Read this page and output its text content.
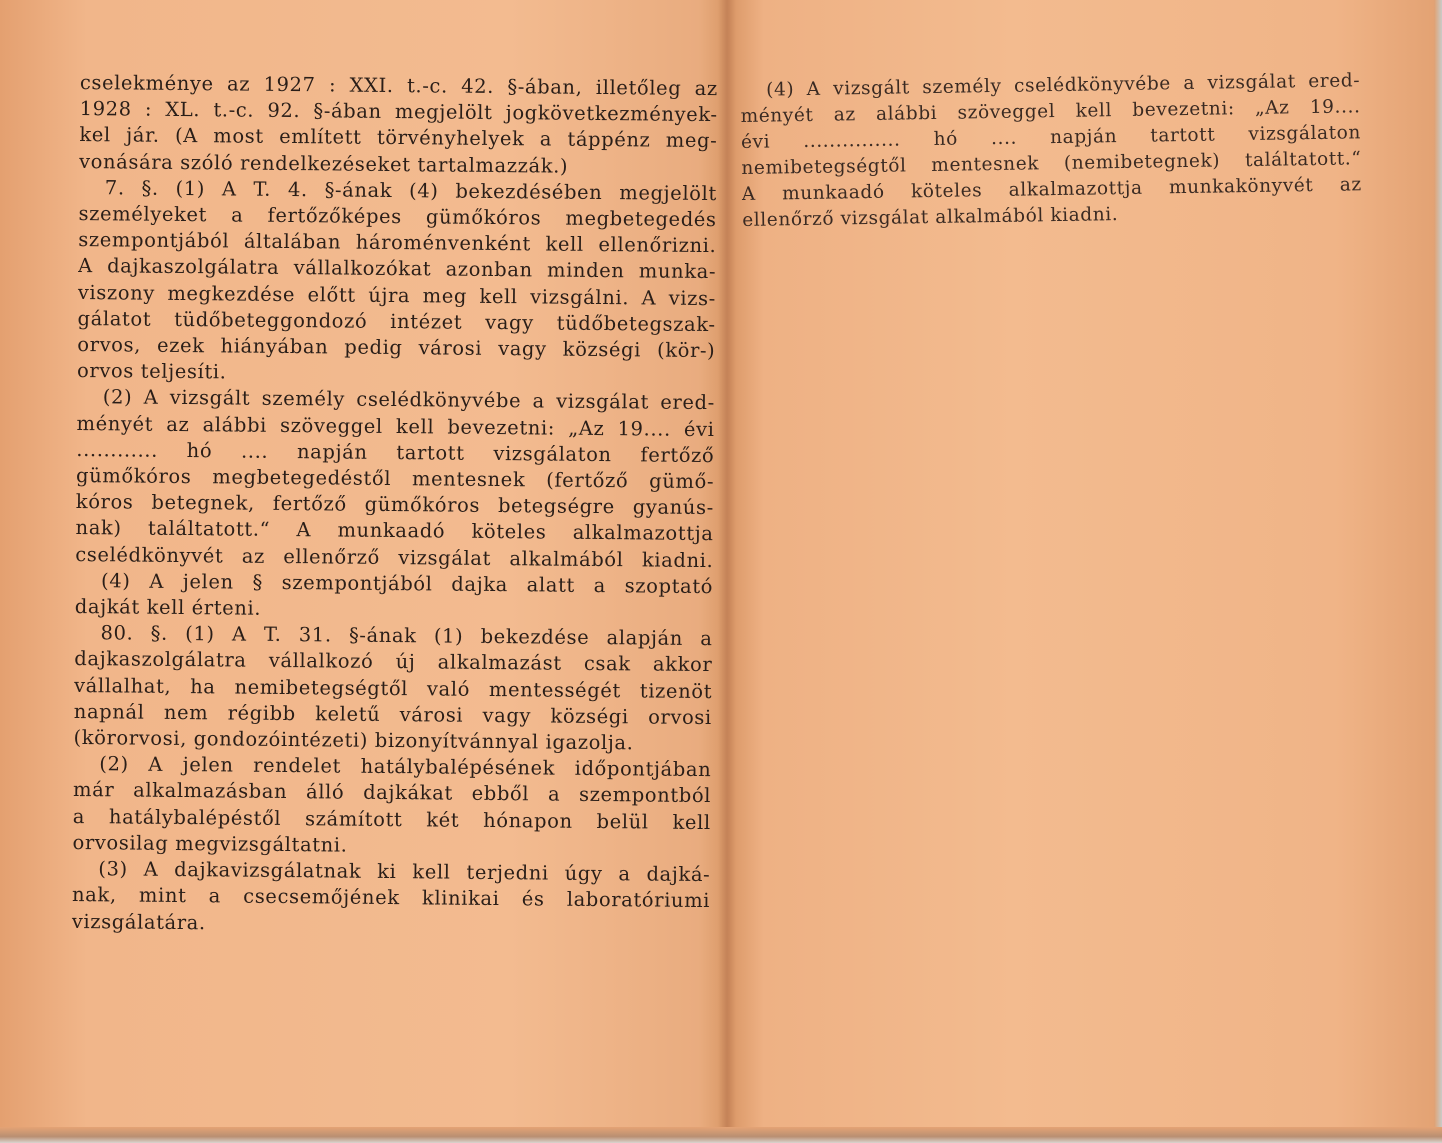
cselekménye az 1927 : XXI. t.-c. 42. §-ában, illetőleg az
1928 : XL. t.-c. 92. §-ában megjelölt jogkövetkezmények-
kel jár. (A most említett törvényhelyek a táppénz meg-
vonására szóló rendelkezéseket tartalmazzák.)
7. §. (1) A T. 4. §-ának (4) bekezdésében megjelölt
személyeket a fertőzőképes gümőkóros megbetegedés
szempontjából általában hároménvenként kell ellenőrizni.
A dajkaszolgálatra vállalkozókat azonban minden munka-
viszony megkezdése előtt újra meg kell vizsgálni. A vizs-
gálatot tüdőbeteggondozó intézet vagy tüdőbetegszak-
orvos, ezek hiányában pedig városi vagy községi (kör-)
orvos teljesíti.
(2) A vizsgált személy cselédkönyvébe a vizsgálat ered-
ményét az alábbi szöveggel kell bevezetni: „Az 19.... évi
............ hó .... napján tartott vizsgálaton fertőző
gümőkóros megbetegedéstől mentesnek (fertőző gümő-
kóros betegnek, fertőző gümőkóros betegségre gyanús-
nak) találtatott.“ A munkaadó köteles alkalmazottja
cselédkönyvét az ellenőrző vizsgálat alkalmából kiadni.
(4) A jelen § szempontjából dajka alatt a szoptató
dajkát kell érteni.
80. §. (1) A T. 31. §-ának (1) bekezdése alapján a
dajkaszolgálatra vállalkozó új alkalmazást csak akkor
vállalhat, ha nemibetegségtől való mentességét tizenöt
napnál nem régibb keletű városi vagy községi orvosi
(körorvosi, gondozóintézeti) bizonyítvánnyal igazolja.
(2) A jelen rendelet hatálybalépésének időpontjában
már alkalmazásban álló dajkákat ebből a szempontból
a hatálybalépéstől számított két hónapon belül kell
orvosilag megvizsgáltatni.
(3) A dajkavizsgálatnak ki kell terjedni úgy a dajká-
nak, mint a csecsemőjének klinikai és laboratóriumi
vizsgálatára.
(4) A vizsgált személy cselédkönyvébe a vizsgálat ered-
ményét az alábbi szöveggel kell bevezetni: „Az 19....
évi ............... hó .... napján tartott vizsgálaton
nemibetegségtől mentesnek (nemibetegnek) találtatott.“
A munkaadó köteles alkalmazottja munkakönyvét az
ellenőrző vizsgálat alkalmából kiadni.
